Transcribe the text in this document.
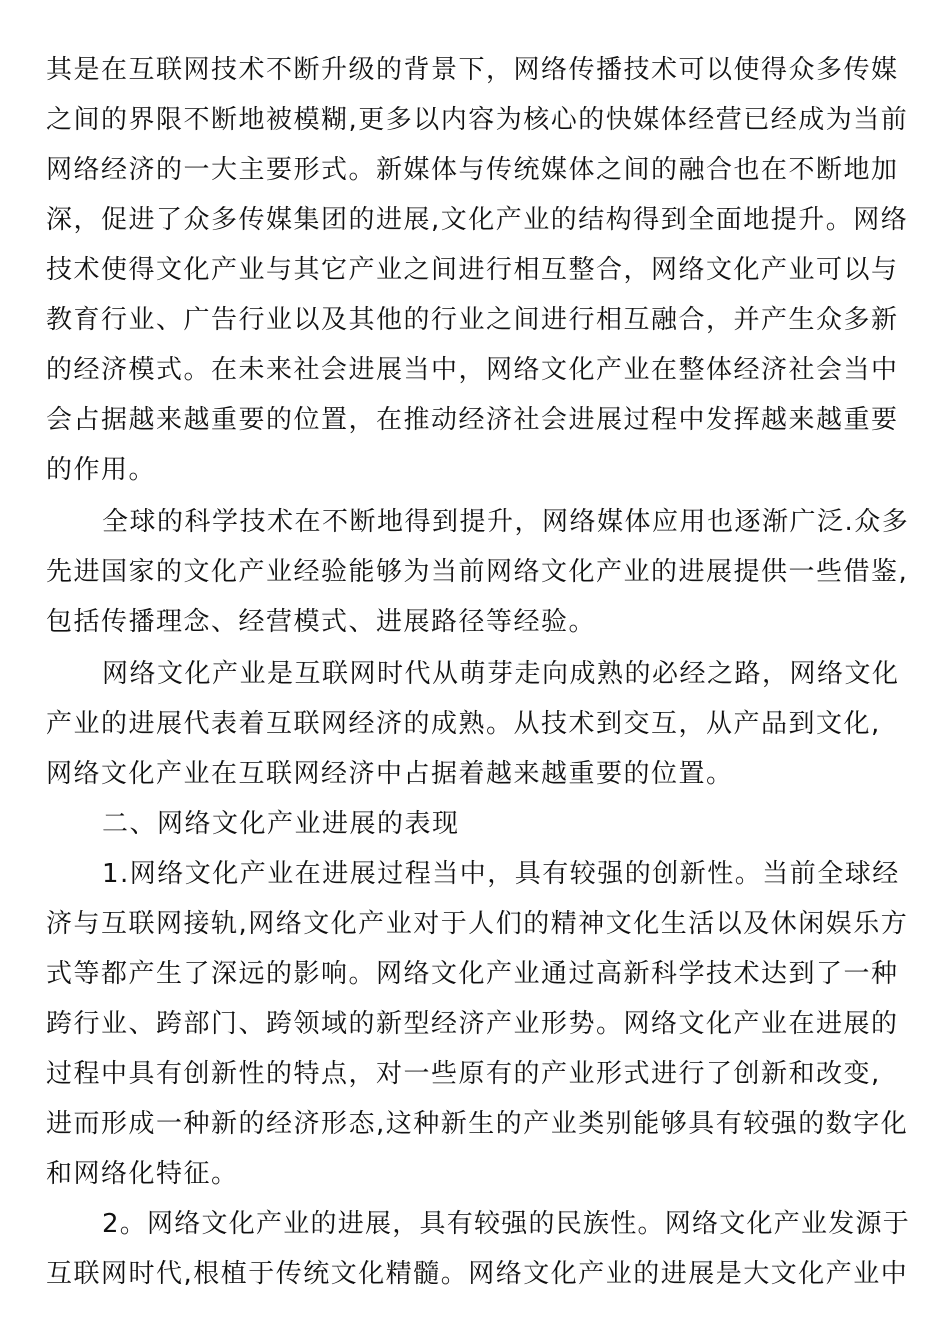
其是在互联网技术不断升级的背景下，网络传播技术可以使得众多传媒
之间的界限不断地被模糊,更多以内容为核心的快媒体经营已经成为当前
网络经济的一大主要形式。新媒体与传统媒体之间的融合也在不断地加
深，促进了众多传媒集团的进展,文化产业的结构得到全面地提升。网络
技术使得文化产业与其它产业之间进行相互整合，网络文化产业可以与
教育行业、广告行业以及其他的行业之间进行相互融合，并产生众多新
的经济模式。在未来社会进展当中，网络文化产业在整体经济社会当中
会占据越来越重要的位置，在推动经济社会进展过程中发挥越来越重要
的作用。
全球的科学技术在不断地得到提升，网络媒体应用也逐渐广泛.众多
先进国家的文化产业经验能够为当前网络文化产业的进展提供一些借鉴,
包括传播理念、经营模式、进展路径等经验。
网络文化产业是互联网时代从萌芽走向成熟的必经之路，网络文化
产业的进展代表着互联网经济的成熟。从技术到交互，从产品到文化,
网络文化产业在互联网经济中占据着越来越重要的位置。
二、网络文化产业进展的表现
1.网络文化产业在进展过程当中，具有较强的创新性。当前全球经
济与互联网接轨,网络文化产业对于人们的精神文化生活以及休闲娱乐方
式等都产生了深远的影响。网络文化产业通过高新科学技术达到了一种
跨行业、跨部门、跨领域的新型经济产业形势。网络文化产业在进展的
过程中具有创新性的特点，对一些原有的产业形式进行了创新和改变,
进而形成一种新的经济形态,这种新生的产业类别能够具有较强的数字化
和网络化特征。
2。网络文化产业的进展，具有较强的民族性。网络文化产业发源于
互联网时代,根植于传统文化精髓。网络文化产业的进展是大文化产业中
